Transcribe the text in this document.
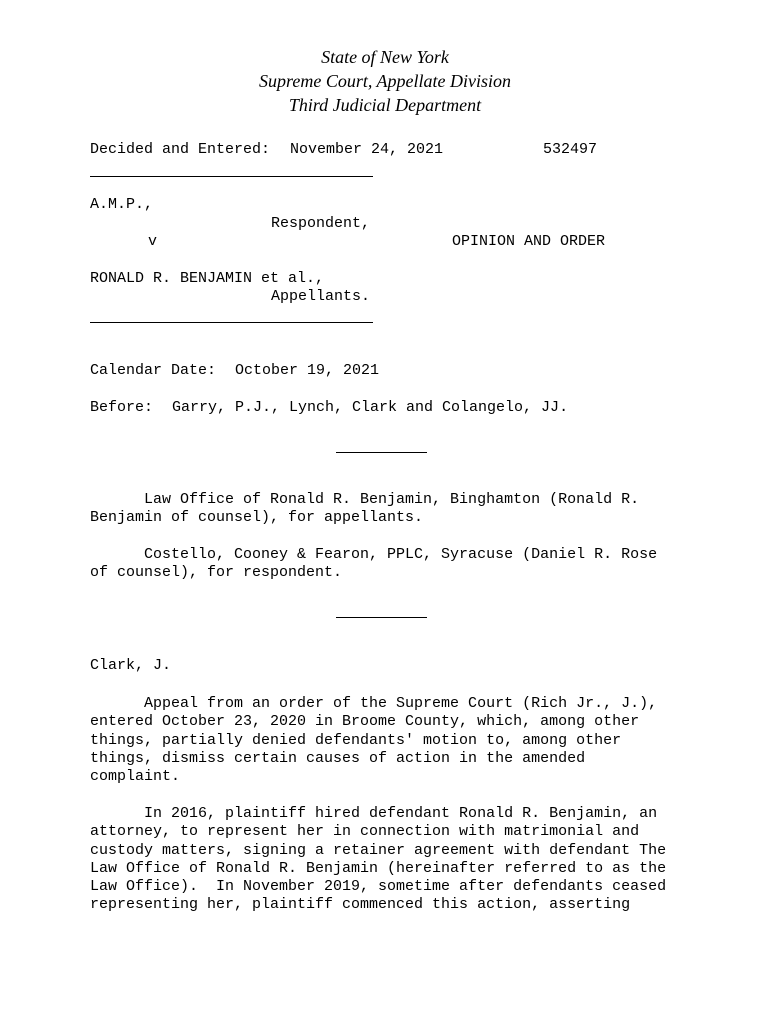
State of New York
Supreme Court, Appellate Division
Third Judicial Department
Decided and Entered: November 24, 2021	532497
A.M.P.,
Respondent,
v	OPINION AND ORDER
RONALD R. BENJAMIN et al.,
Appellants.
Calendar Date: October 19, 2021
Before: Garry, P.J., Lynch, Clark and Colangelo, JJ.
Law Office of Ronald R. Benjamin, Binghamton (Ronald R.
Benjamin of counsel), for appellants.
Costello, Cooney & Fearon, PPLC, Syracuse (Daniel R. Rose
of counsel), for respondent.
Clark, J.
Appeal from an order of the Supreme Court (Rich Jr., J.),
entered October 23, 2020 in Broome County, which, among other
things, partially denied defendants' motion to, among other
things, dismiss certain causes of action in the amended
complaint.
In 2016, plaintiff hired defendant Ronald R. Benjamin, an
attorney, to represent her in connection with matrimonial and
custody matters, signing a retainer agreement with defendant The
Law Office of Ronald R. Benjamin (hereinafter referred to as the
Law Office).  In November 2019, sometime after defendants ceased
representing her, plaintiff commenced this action, asserting
